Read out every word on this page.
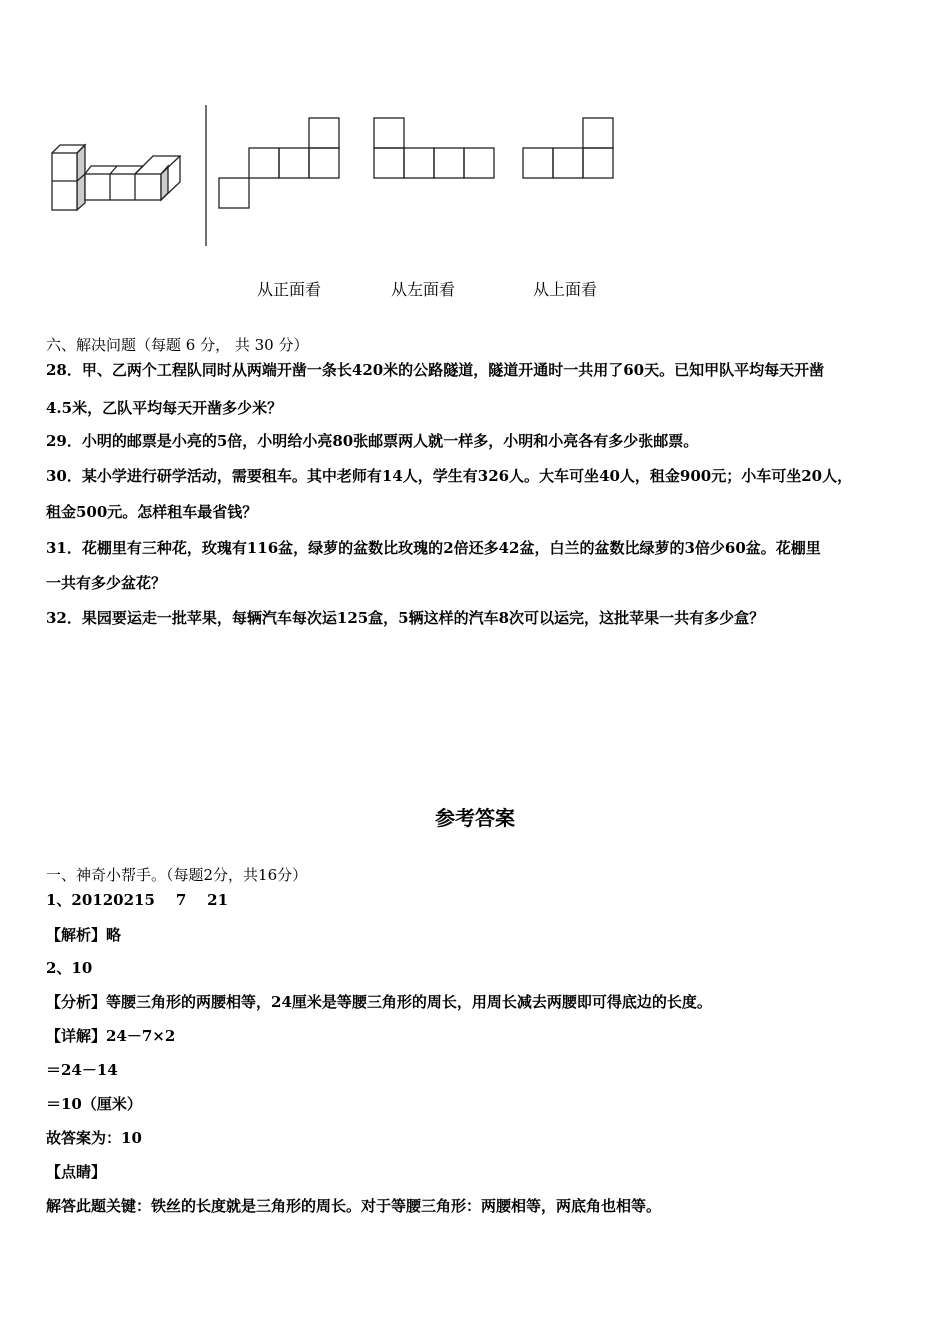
从正面看	从左面看	从上面看
六、解决问题（每题 6 分， 共 30 分）
28．甲、乙两个工程队同时从两端开凿一条长420米的公路隧道，隧道开通时一共用了60天。已知甲队平均每天开凿
4.5米，乙队平均每天开凿多少米？
29．小明的邮票是小亮的5倍，小明给小亮80张邮票两人就一样多，小明和小亮各有多少张邮票。
30．某小学进行研学活动，需要租车。其中老师有14人，学生有326人。大车可坐40人，租金900元；小车可坐20人，
租金500元。怎样租车最省钱？
31．花棚里有三种花，玫瑰有116盆，绿萝的盆数比玫瑰的2倍还多42盆，白兰的盆数比绿萝的3倍少60盆。花棚里
一共有多少盆花？
32．果园要运走一批苹果，每辆汽车每次运125盒，5辆这样的汽车8次可以运完，这批苹果一共有多少盒？
参考答案
一、神奇小帮手。（每题2分，共16分）
1、20120215    7    21
【解析】略
2、10
【分析】等腰三角形的两腰相等，24厘米是等腰三角形的周长，用周长减去两腰即可得底边的长度。
【详解】24－7×2
＝24－14
＝10（厘米）
故答案为：10
【点睛】
解答此题关键：铁丝的长度就是三角形的周长。对于等腰三角形：两腰相等，两底角也相等。
